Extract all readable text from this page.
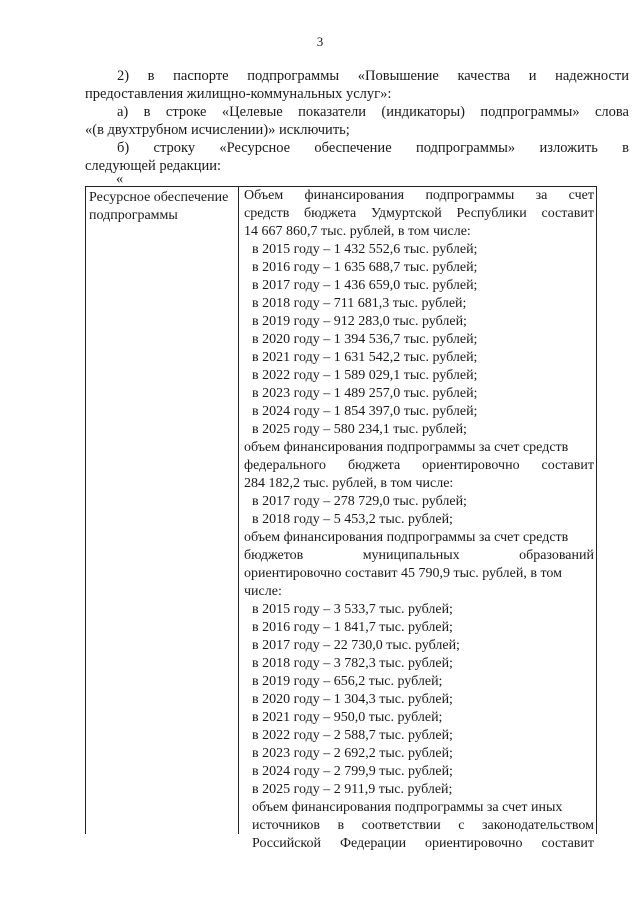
3
2) в паспорте подпрограммы «Повышение качества и надежности
предоставления жилищно-коммунальных услуг»:
а) в строке «Целевые показатели (индикаторы) подпрограммы» слова
«(в двухтрубном исчислении)» исключить;
б) строку «Ресурсное обеспечение подпрограммы» изложить в
следующей редакции:
«
Ресурсное обеспечение
подпрограммы
Объем финансирования подпрограммы за счет
средств бюджета Удмуртской Республики составит
14 667 860,7 тыс. рублей, в том числе:
в 2015 году – 1 432 552,6 тыс. рублей;
в 2016 году – 1 635 688,7 тыс. рублей;
в 2017 году – 1 436 659,0 тыс. рублей;
в 2018 году – 711 681,3 тыс. рублей;
в 2019 году – 912 283,0 тыс. рублей;
в 2020 году – 1 394 536,7 тыс. рублей;
в 2021 году – 1 631 542,2 тыс. рублей;
в 2022 году – 1 589 029,1 тыс. рублей;
в 2023 году – 1 489 257,0 тыс. рублей;
в 2024 году – 1 854 397,0 тыс. рублей;
в 2025 году – 580 234,1 тыс. рублей;
объем финансирования подпрограммы за счет средств
федерального бюджета ориентировочно составит
284 182,2 тыс. рублей, в том числе:
в 2017 году – 278 729,0 тыс. рублей;
в 2018 году – 5 453,2 тыс. рублей;
объем финансирования подпрограммы за счет средств
бюджетов муниципальных образований
ориентировочно составит 45 790,9 тыс. рублей, в том
числе:
в 2015 году – 3 533,7 тыс. рублей;
в 2016 году – 1 841,7 тыс. рублей;
в 2017 году – 22 730,0 тыс. рублей;
в 2018 году – 3 782,3 тыс. рублей;
в 2019 году – 656,2 тыс. рублей;
в 2020 году – 1 304,3 тыс. рублей;
в 2021 году – 950,0 тыс. рублей;
в 2022 году – 2 588,7 тыс. рублей;
в 2023 году – 2 692,2 тыс. рублей;
в 2024 году – 2 799,9 тыс. рублей;
в 2025 году – 2 911,9 тыс. рублей;
объем финансирования подпрограммы за счет иных
источников в соответствии с законодательством
Российской Федерации ориентировочно составит
